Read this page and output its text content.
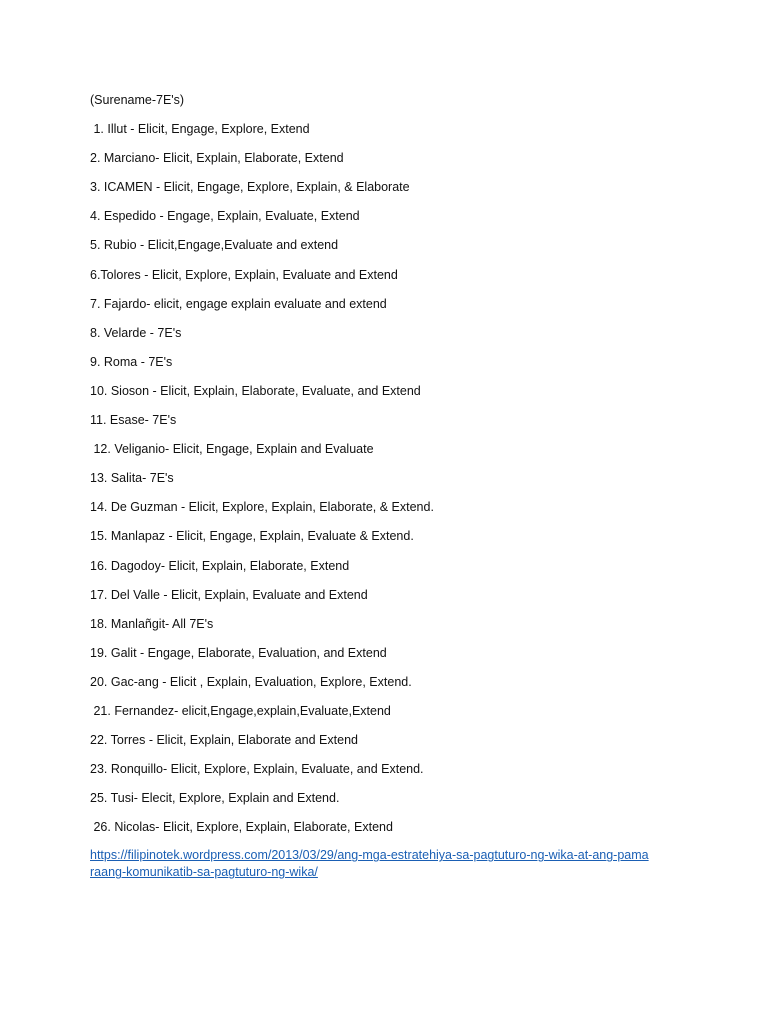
(Surename-7E's)
1. Illut - Elicit, Engage, Explore, Extend
2. Marciano- Elicit, Explain, Elaborate, Extend
3. ICAMEN - Elicit, Engage, Explore, Explain, & Elaborate
4. Espedido - Engage, Explain, Evaluate, Extend
5. Rubio - Elicit,Engage,Evaluate and extend
6.Tolores - Elicit, Explore, Explain, Evaluate and Extend
7. Fajardo- elicit, engage explain evaluate and extend
8. Velarde - 7E's
9. Roma - 7E's
10. Sioson - Elicit, Explain, Elaborate, Evaluate, and Extend
11. Esase- 7E's
12. Veliganio- Elicit, Engage, Explain and Evaluate
13. Salita- 7E's
14. De Guzman - Elicit, Explore, Explain, Elaborate, & Extend.
15. Manlapaz - Elicit, Engage, Explain, Evaluate & Extend.
16. Dagodoy- Elicit, Explain, Elaborate, Extend
17. Del Valle - Elicit, Explain, Evaluate and Extend
18. Manlañgit- All 7E's
19. Galit - Engage, Elaborate, Evaluation, and Extend
20. Gac-ang - Elicit , Explain, Evaluation, Explore, Extend.
21. Fernandez- elicit,Engage,explain,Evaluate,Extend
22. Torres - Elicit, Explain, Elaborate and Extend
23. Ronquillo- Elicit, Explore, Explain, Evaluate, and Extend.
25. Tusi- Elecit, Explore, Explain and Extend.
26. Nicolas- Elicit, Explore, Explain, Elaborate, Extend
https://filipinotek.wordpress.com/2013/03/29/ang-mga-estratehiya-sa-pagtuturo-ng-wika-at-ang-pamaraang-komunikatib-sa-pagtuturo-ng-wika/
